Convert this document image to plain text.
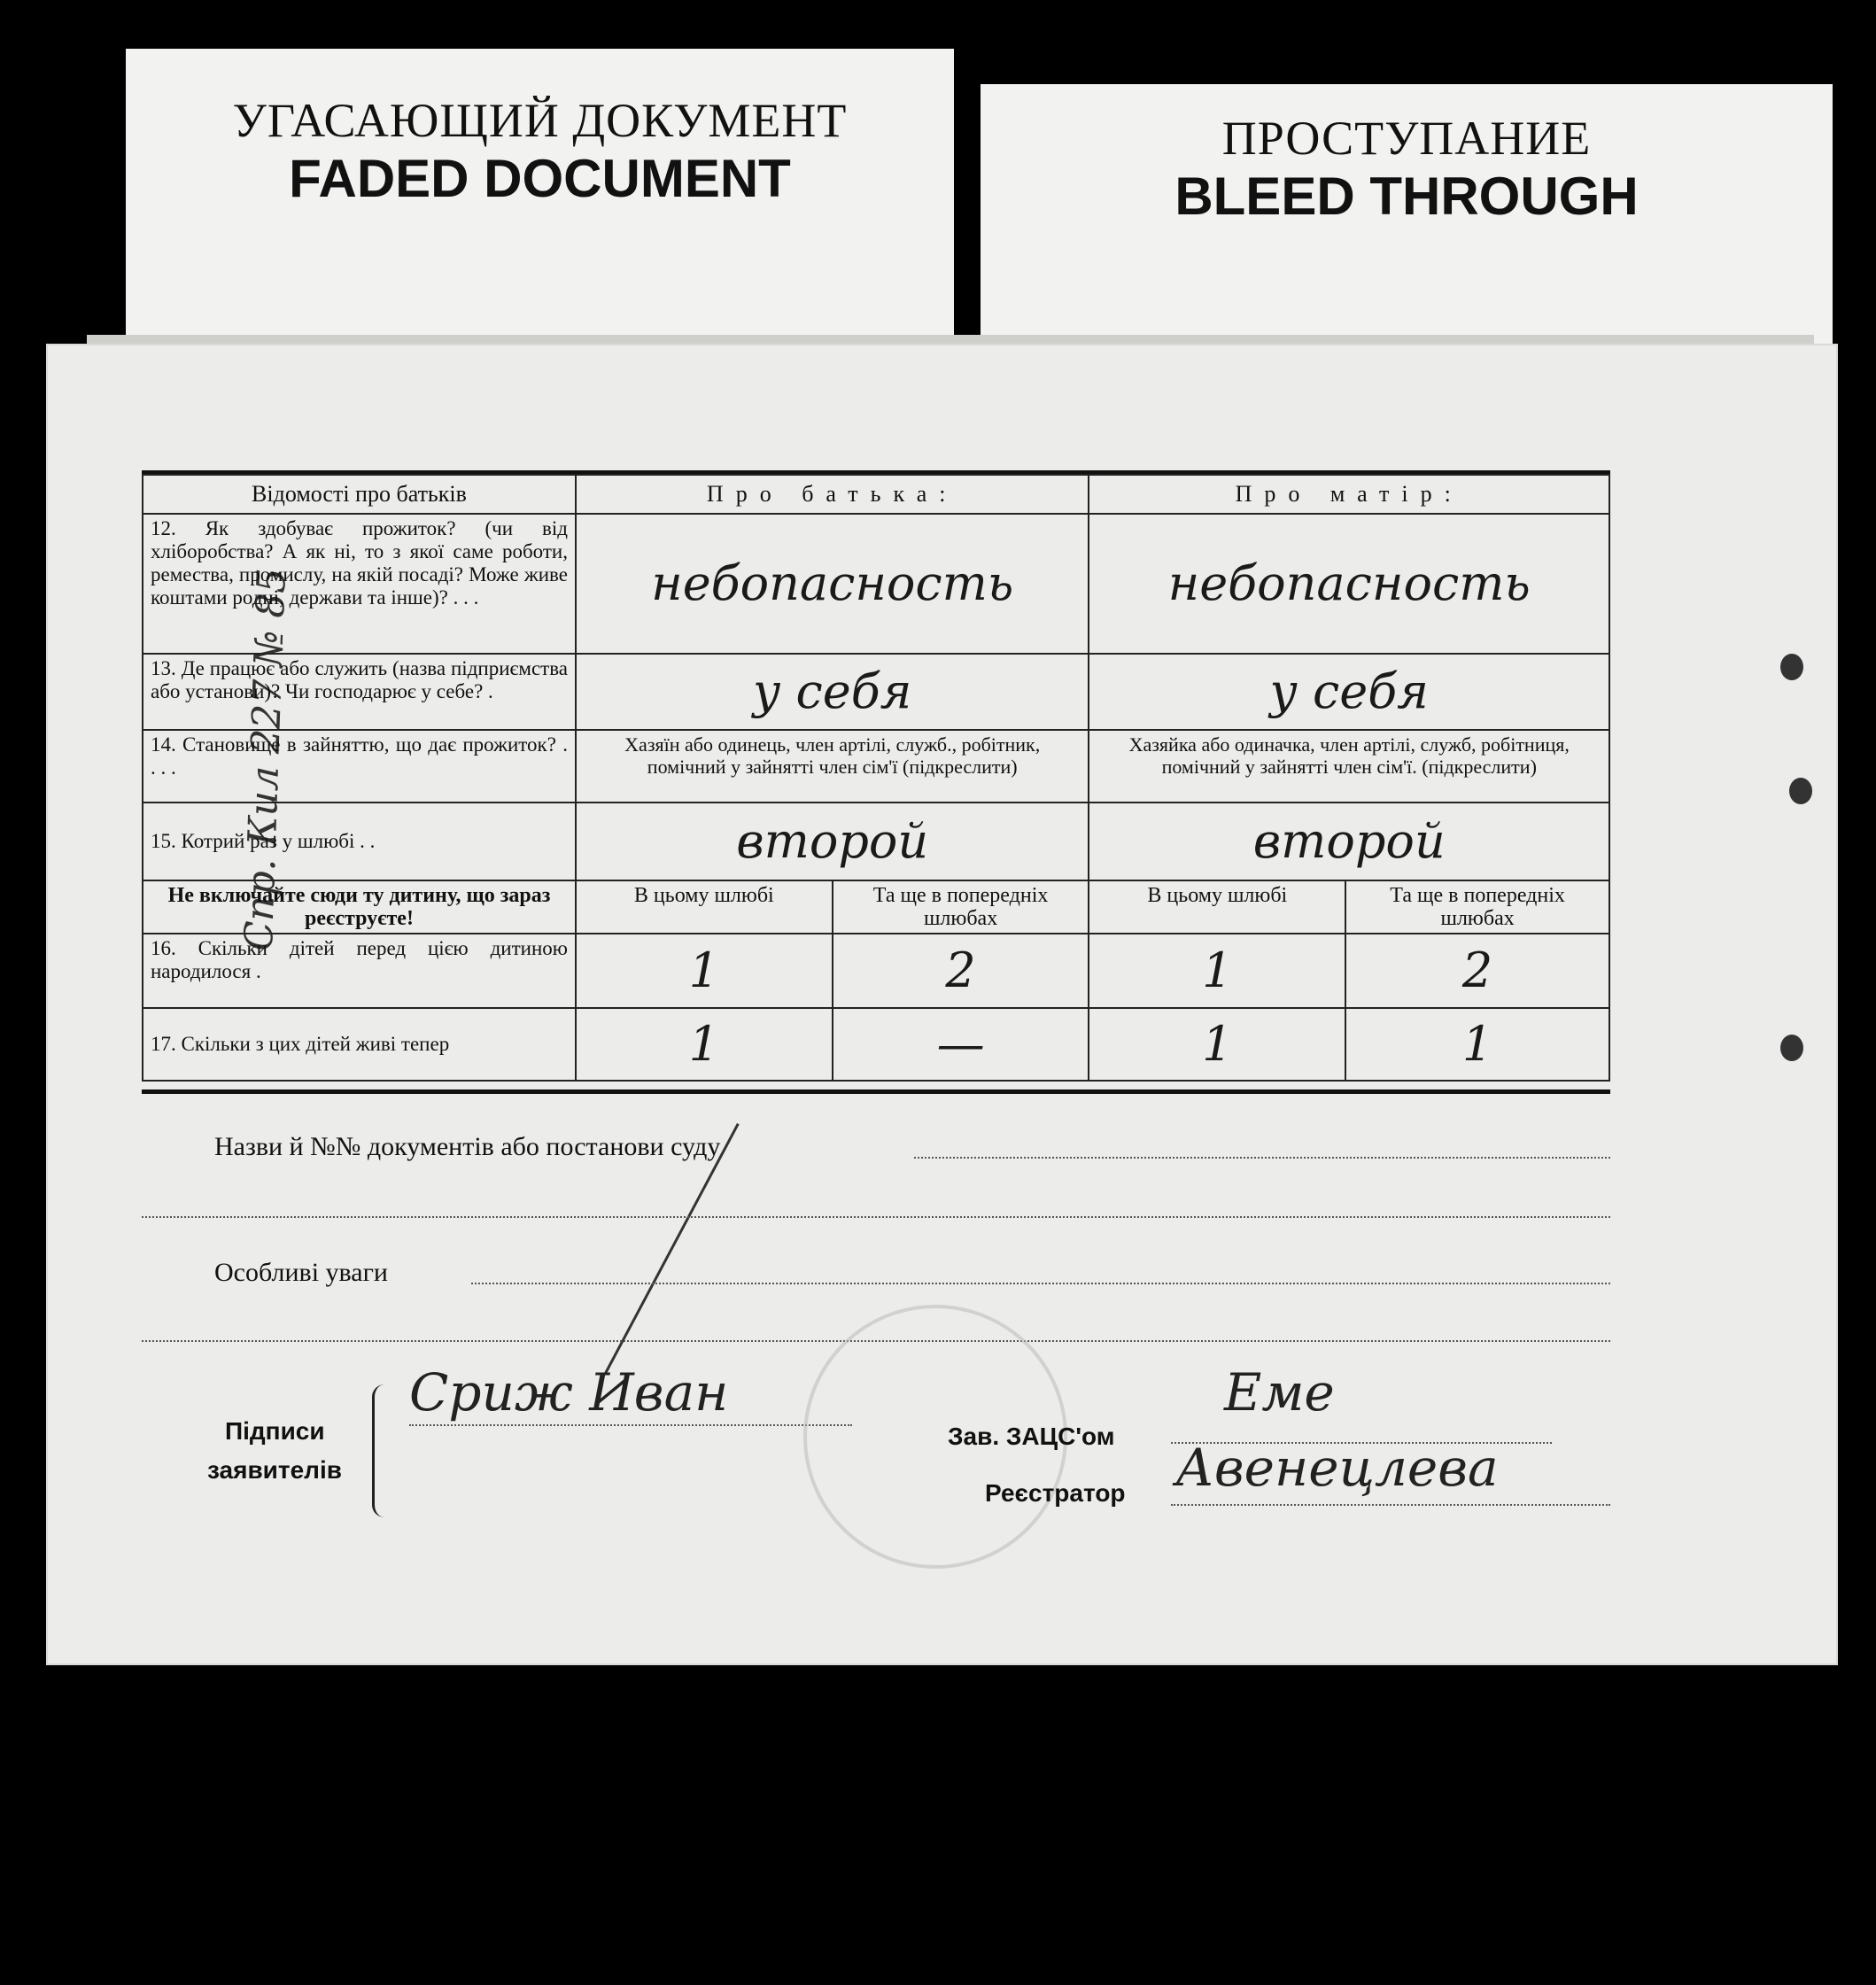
УГАСАЮЩИЙ ДОКУМЕНТ
FADED DOCUMENT
ПРОСТУПАНИЕ
BLEED THROUGH
Спр. Кил 227 № 85
Відомості про батьків	Про батька:		Про матір:	
12. Як здобуває прожиток? (чи від хліборобства? А як ні, то з якої саме роботи, ремества, промислу, на якій посаді? Може живе коштами родні, держави та інше)? . . .	небопасность		небопасность	
13. Де працює або служить (назва підприємства або установи)? Чи господарює у себе? .	у себя		у себя	
14. Становище в зайняттю, що дає прожиток? . . . .	Хазяїн або одинець, член артілі, служб., робітник, помічний у зайнятті член сім'ї (підкреслити)		Хазяйка або одиначка, член артілі, служб, робітниця, помічний у зайнятті член сім'ї. (підкреслити)	
15. Котрий раз у шлюбі . .	второй		второй	
Не включайте сюди ту дитину, що зараз реєструєте!	В цьому шлюбі	Та ще в попередніх шлюбах	В цьому шлюбі	Та ще в попередніх шлюбах
16. Скільки дітей перед цією дитиною народилося .	1	2	1	2
17. Скільки з цих дітей живі тепер	1	—	1	1
Назви й №№ документів або постанови суду
Особливі уваги
Підписи
заявителів
Сриж Иван
Зав. ЗАЦС'ом
Еме
Реєстратор Авенецлева
